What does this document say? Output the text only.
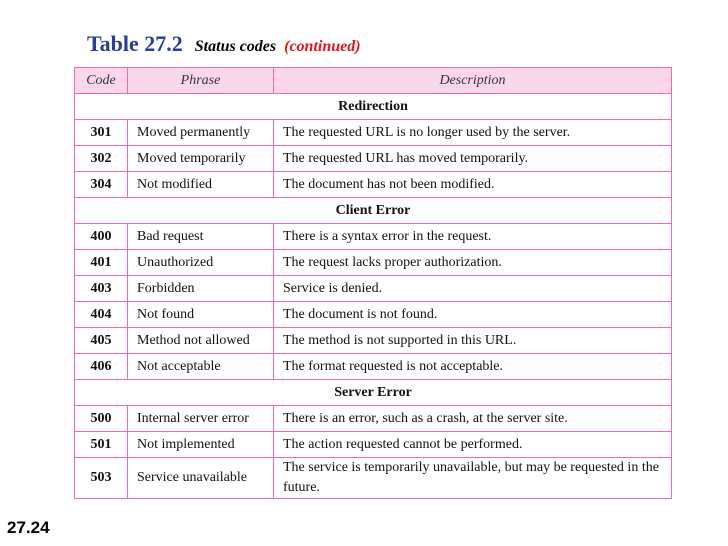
Table 27.2 Status codes (continued)
Code	Phrase	Description
Redirection		
301	Moved permanently	The requested URL is no longer used by the server.
302	Moved temporarily	The requested URL has moved temporarily.
304	Not modified	The document has not been modified.
Client Error		
400	Bad request	There is a syntax error in the request.
401	Unauthorized	The request lacks proper authorization.
403	Forbidden	Service is denied.
404	Not found	The document is not found.
405	Method not allowed	The method is not supported in this URL.
406	Not acceptable	The format requested is not acceptable.
Server Error		
500	Internal server error	There is an error, such as a crash, at the server site.
501	Not implemented	The action requested cannot be performed.
503	Service unavailable	The service is temporarily unavailable, but may be requested in the future.
27.24
